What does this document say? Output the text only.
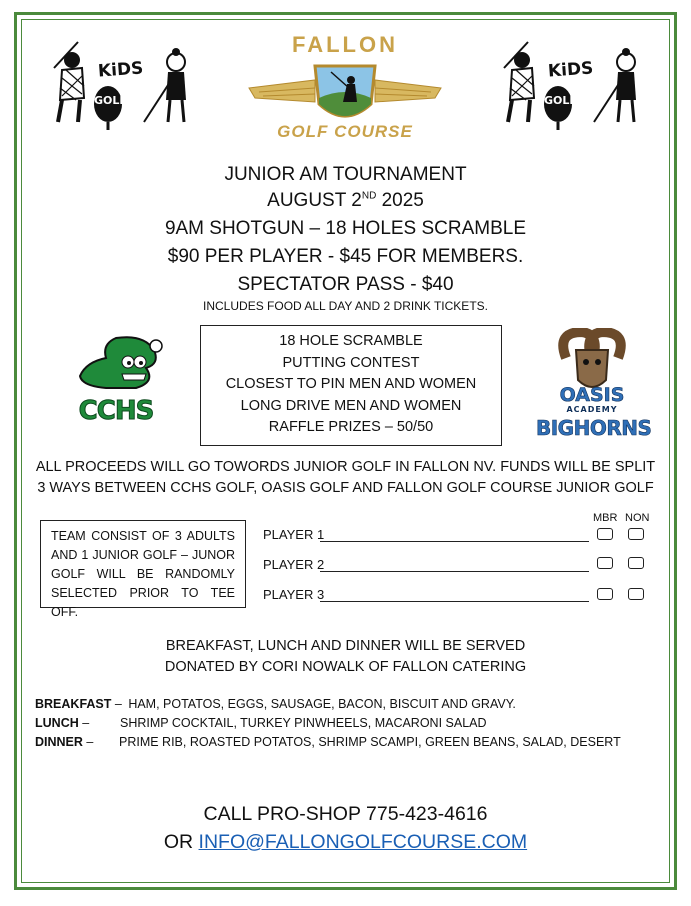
KiDS
GOLF
KiDS
GOLF
FALLON
GOLF COURSE
JUNIOR AM TOURNAMENT
AUGUST 2ND 2025
9AM SHOTGUN – 18 HOLES SCRAMBLE
$90 PER PLAYER - $45 FOR MEMBERS.
SPECTATOR PASS - $40
INCLUDES FOOD ALL DAY AND 2 DRINK TICKETS.
CCHS
18 HOLE SCRAMBLE
PUTTING CONTEST
CLOSEST TO PIN MEN AND WOMEN
LONG DRIVE MEN AND WOMEN
RAFFLE PRIZES – 50/50
OASIS
ACADEMY
BIGHORNS
ALL PROCEEDS WILL GO TOWORDS JUNIOR GOLF IN FALLON NV. FUNDS WILL BE SPLIT
3 WAYS BETWEEN CCHS GOLF, OASIS GOLF AND FALLON GOLF COURSE JUNIOR GOLF
TEAM CONSIST OF 3 ADULTS AND 1 JUNIOR GOLF – JUNOR GOLF WILL BE RANDOMLY SELECTED PRIOR TO TEE OFF.
MBR NON
PLAYER 1
PLAYER 2
PLAYER 3
BREAKFAST, LUNCH AND DINNER WILL BE SERVED
DONATED BY CORI NOWALK OF FALLON CATERING
BREAKFAST – HAM, POTATOS, EGGS, SAUSAGE, BACON, BISCUIT AND GRAVY.
LUNCH – SHRIMP COCKTAIL, TURKEY PINWHEELS, MACARONI SALAD
DINNER – PRIME RIB, ROASTED POTATOS, SHRIMP SCAMPI, GREEN BEANS, SALAD, DESERT
CALL PRO-SHOP 775-423-4616
OR INFO@FALLONGOLFCOURSE.COM
